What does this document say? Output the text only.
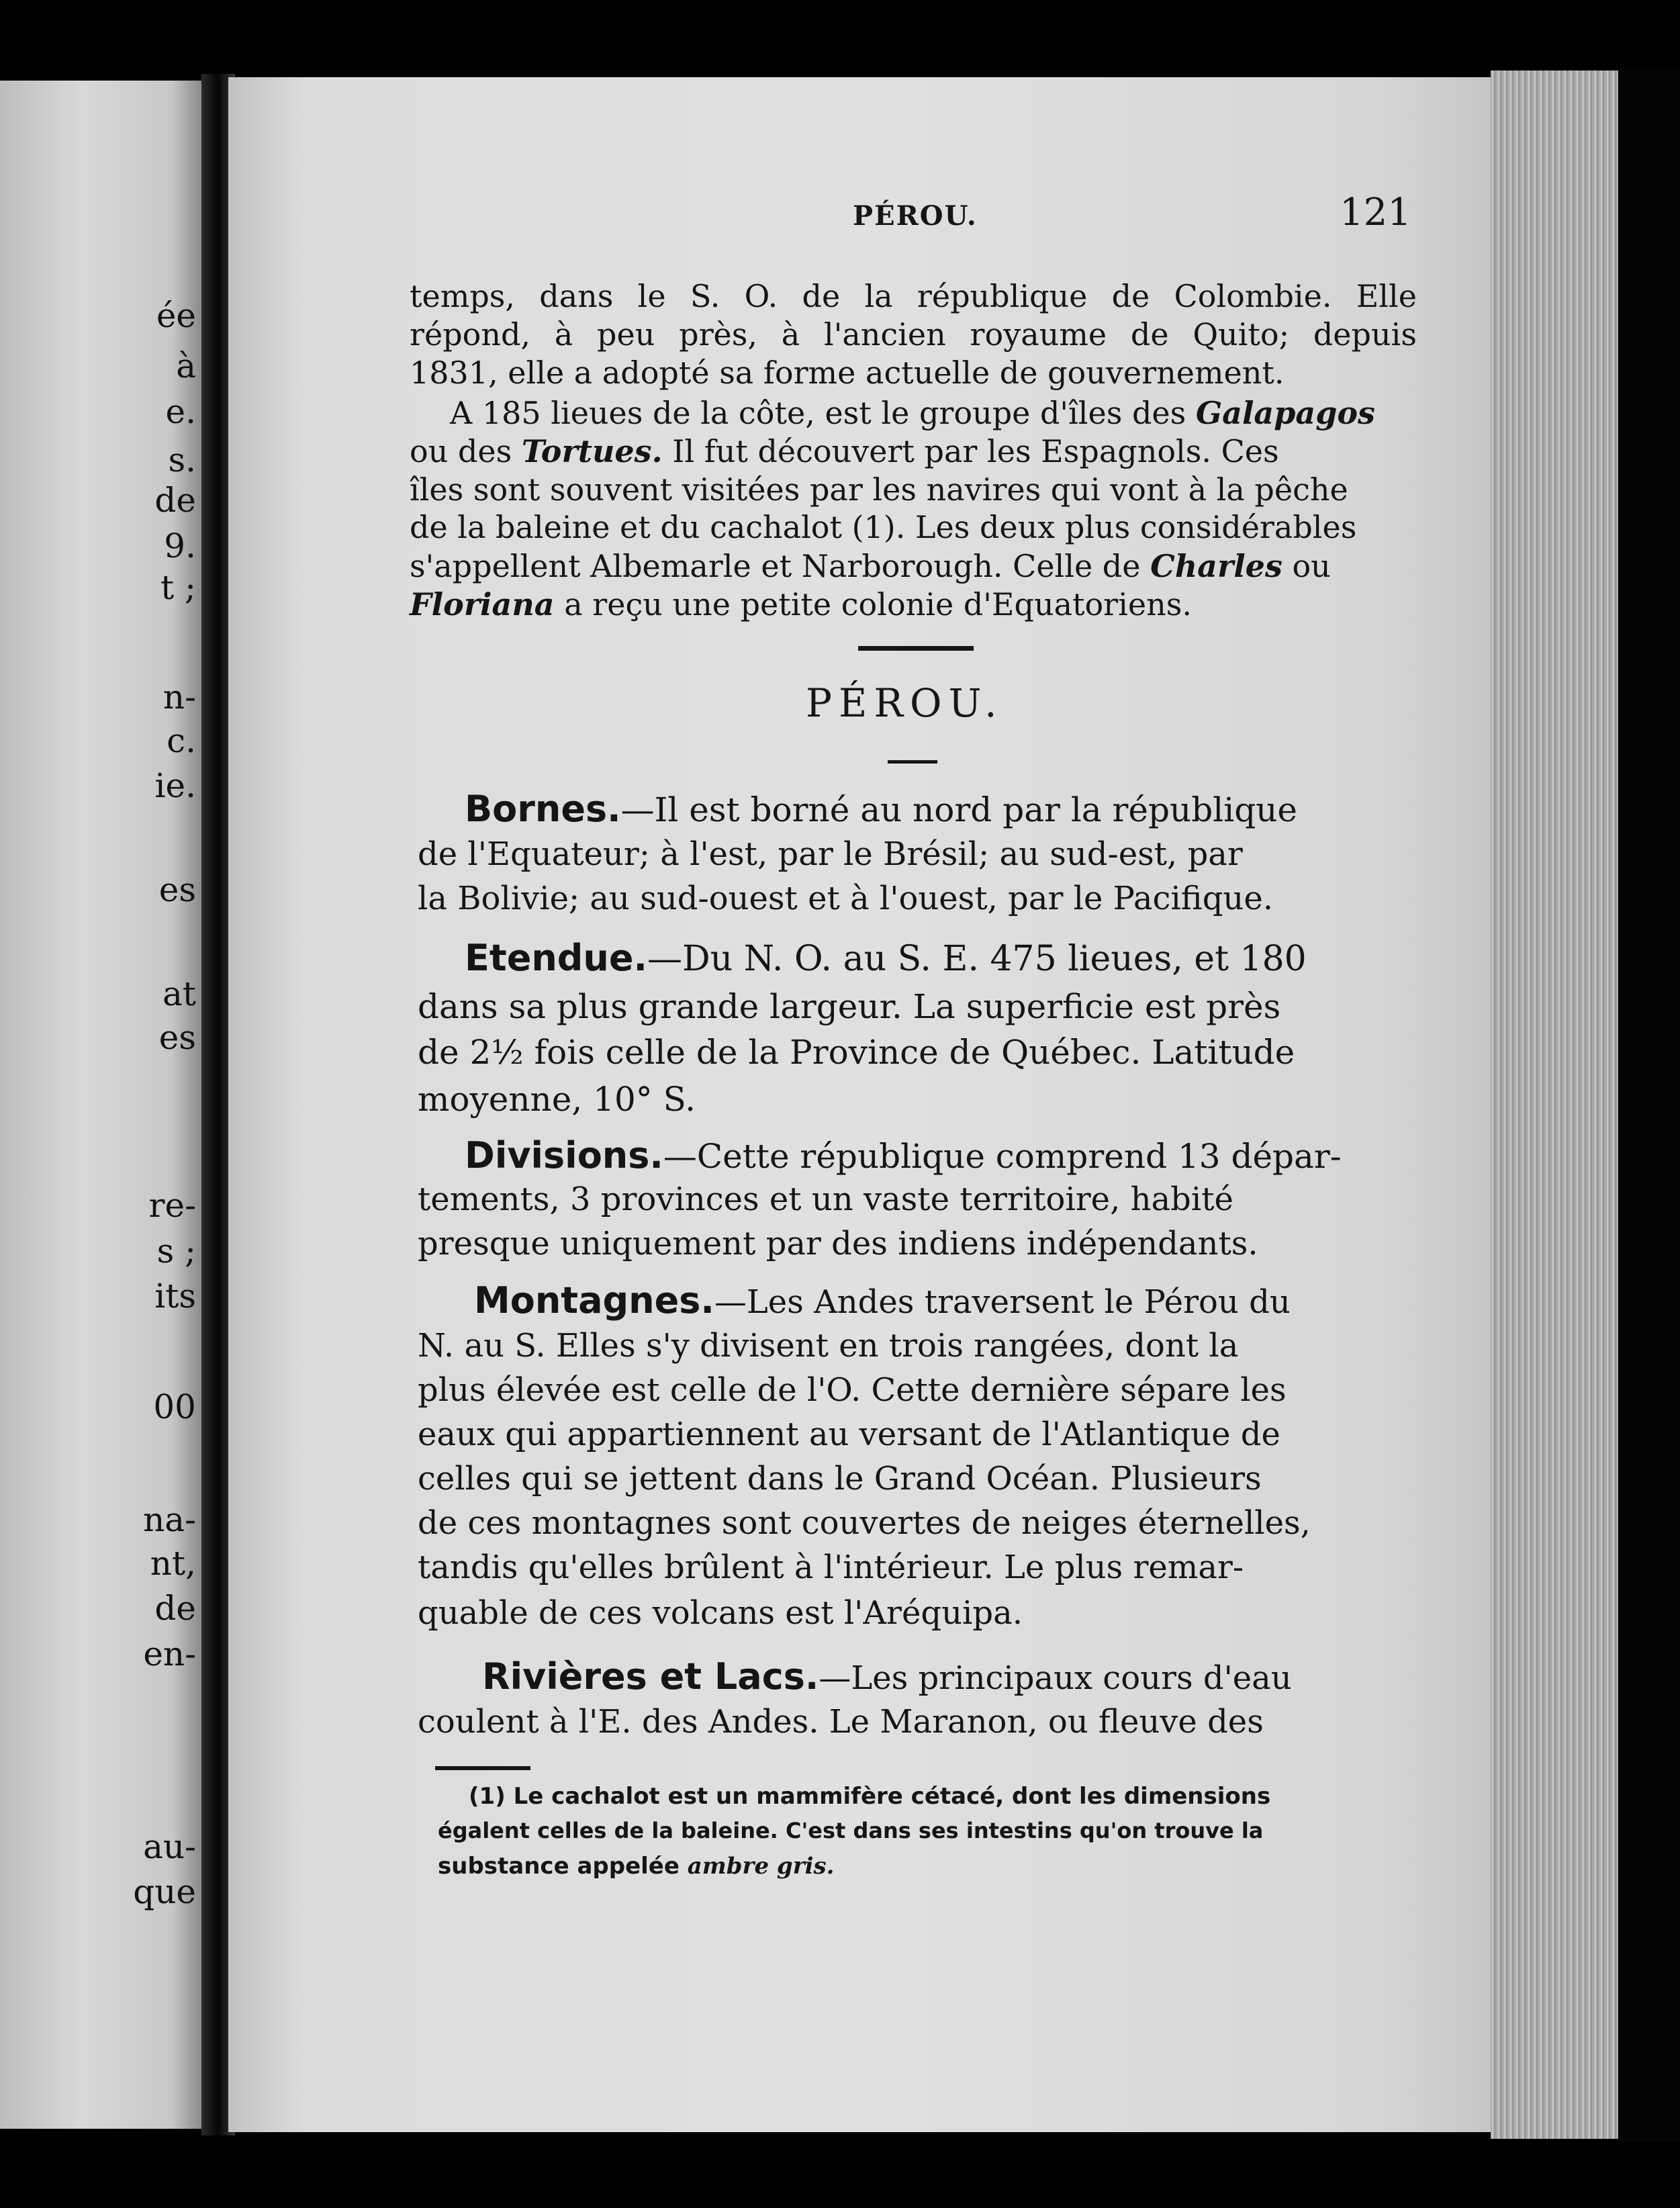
ée
à
e.
s.
de
9.
t ;
n-
c.
ie.
es
at
es
re-
s ;
its
00
na-
nt,
de
en-
au-
que
PÉROU.	121
temps, dans le S. O. de la république de Colombie. Elle
répond, à peu près, à l'ancien royaume de Quito; depuis
1831, elle a adopté sa forme actuelle de gouvernement.
A 185 lieues de la côte, est le groupe d'îles des Galapagos
ou des Tortues. Il fut découvert par les Espagnols. Ces
îles sont souvent visitées par les navires qui vont à la pêche
de la baleine et du cachalot (1). Les deux plus considérables
s'appellent Albemarle et Narborough. Celle de Charles ou
Floriana a reçu une petite colonie d'Equatoriens.
PÉROU.
Bornes.—Il est borné au nord par la république
de l'Equateur; à l'est, par le Brésil; au sud-est, par
la Bolivie; au sud-ouest et à l'ouest, par le Pacifique.
Etendue.—Du N. O. au S. E. 475 lieues, et 180
dans sa plus grande largeur. La superficie est près
de 2½ fois celle de la Province de Québec. Latitude
moyenne, 10° S.
Divisions.—Cette république comprend 13 dépar-
tements, 3 provinces et un vaste territoire, habité
presque uniquement par des indiens indépendants.
Montagnes.—Les Andes traversent le Pérou du
N. au S. Elles s'y divisent en trois rangées, dont la
plus élevée est celle de l'O. Cette dernière sépare les
eaux qui appartiennent au versant de l'Atlantique de
celles qui se jettent dans le Grand Océan. Plusieurs
de ces montagnes sont couvertes de neiges éternelles,
tandis qu'elles brûlent à l'intérieur. Le plus remar-
quable de ces volcans est l'Aréquipa.
Rivières et Lacs.—Les principaux cours d'eau
coulent à l'E. des Andes. Le Maranon, ou fleuve des
(1) Le cachalot est un mammifère cétacé, dont les dimensions
égalent celles de la baleine. C'est dans ses intestins qu'on trouve la
substance appelée ambre gris.
